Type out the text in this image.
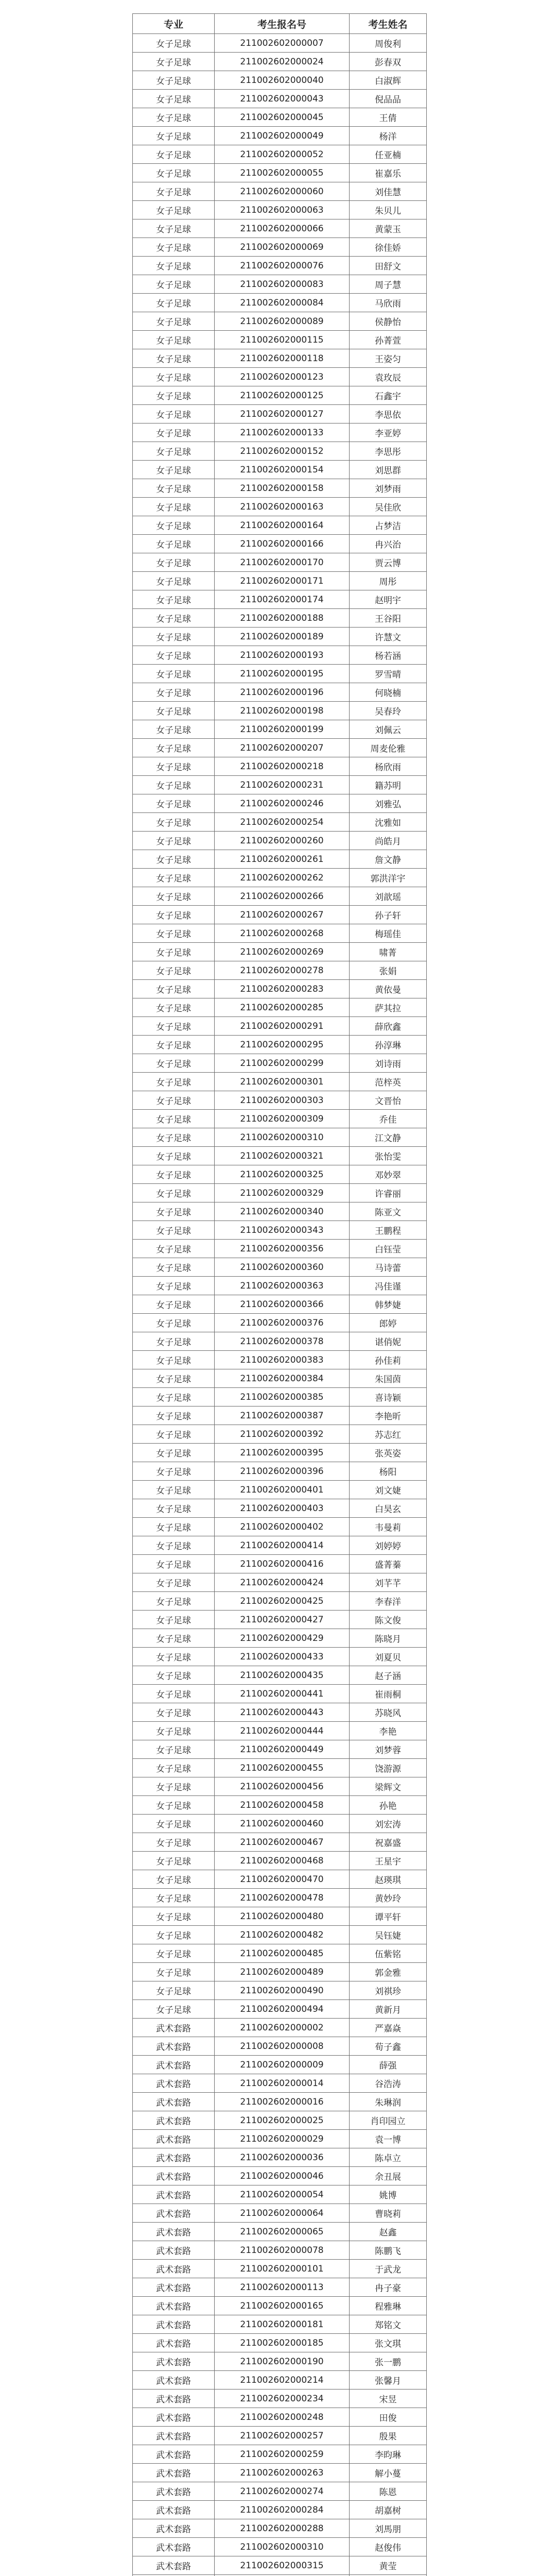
专业	考生报名号	考生姓名
女子足球	211002602000007	周俊利
女子足球	211002602000024	彭春双
女子足球	211002602000040	白淑辉
女子足球	211002602000043	倪品品
女子足球	211002602000045	王倩
女子足球	211002602000049	杨洋
女子足球	211002602000052	任亚楠
女子足球	211002602000055	崔嘉乐
女子足球	211002602000060	刘佳慧
女子足球	211002602000063	朱贝儿
女子足球	211002602000066	黄蒙玉
女子足球	211002602000069	徐佳娇
女子足球	211002602000076	田舒文
女子足球	211002602000083	周子慧
女子足球	211002602000084	马欣雨
女子足球	211002602000089	侯静怡
女子足球	211002602000115	孙菁萱
女子足球	211002602000118	王姿匀
女子足球	211002602000123	袁玫辰
女子足球	211002602000125	石鑫宇
女子足球	211002602000127	李思依
女子足球	211002602000133	李亚婷
女子足球	211002602000152	李思彤
女子足球	211002602000154	刘思群
女子足球	211002602000158	刘梦雨
女子足球	211002602000163	吴佳欣
女子足球	211002602000164	占梦洁
女子足球	211002602000166	冉兴治
女子足球	211002602000170	贾云博
女子足球	211002602000171	周彤
女子足球	211002602000174	赵明宇
女子足球	211002602000188	王谷阳
女子足球	211002602000189	许慧文
女子足球	211002602000193	杨若涵
女子足球	211002602000195	罗雪晴
女子足球	211002602000196	何晓楠
女子足球	211002602000198	吴春玲
女子足球	211002602000199	刘佩云
女子足球	211002602000207	周麦伦雅
女子足球	211002602000218	杨欣雨
女子足球	211002602000231	籍苏明
女子足球	211002602000246	刘雅弘
女子足球	211002602000254	沈雅如
女子足球	211002602000260	尚皓月
女子足球	211002602000261	詹文静
女子足球	211002602000262	郭洪洋宇
女子足球	211002602000266	刘歆瑶
女子足球	211002602000267	孙子轩
女子足球	211002602000268	梅瑶佳
女子足球	211002602000269	啸菁
女子足球	211002602000278	张娟
女子足球	211002602000283	黄依曼
女子足球	211002602000285	萨其拉
女子足球	211002602000291	薛欣鑫
女子足球	211002602000295	孙淳琳
女子足球	211002602000299	刘诗雨
女子足球	211002602000301	范梓英
女子足球	211002602000303	文晋怡
女子足球	211002602000309	乔佳
女子足球	211002602000310	江文静
女子足球	211002602000321	张怡雯
女子足球	211002602000325	邓妙翠
女子足球	211002602000329	许睿丽
女子足球	211002602000340	陈亚文
女子足球	211002602000343	王鹏程
女子足球	211002602000356	白钰莹
女子足球	211002602000360	马诗蕾
女子足球	211002602000363	冯佳谨
女子足球	211002602000366	韩梦婕
女子足球	211002602000376	郎婷
女子足球	211002602000378	谌俏妮
女子足球	211002602000383	孙佳莉
女子足球	211002602000384	朱国茵
女子足球	211002602000385	喜诗颖
女子足球	211002602000387	李艳昕
女子足球	211002602000392	苏志红
女子足球	211002602000395	张英姿
女子足球	211002602000396	杨阳
女子足球	211002602000401	刘文婕
女子足球	211002602000403	白昊玄
女子足球	211002602000402	韦曼莉
女子足球	211002602000414	刘婷婷
女子足球	211002602000416	盛菁蓁
女子足球	211002602000424	刘芊芊
女子足球	211002602000425	李春洋
女子足球	211002602000427	陈文俊
女子足球	211002602000429	陈晓月
女子足球	211002602000433	刘夏贝
女子足球	211002602000435	赵子涵
女子足球	211002602000441	崔雨桐
女子足球	211002602000443	苏晓风
女子足球	211002602000444	李艳
女子足球	211002602000449	刘梦蓉
女子足球	211002602000455	饶游源
女子足球	211002602000456	梁辉文
女子足球	211002602000458	孙艳
女子足球	211002602000460	刘宏涛
女子足球	211002602000467	祝嘉盛
女子足球	211002602000468	王星宇
女子足球	211002602000470	赵瑛琪
女子足球	211002602000478	黄妙玲
女子足球	211002602000480	谭平轩
女子足球	211002602000482	吴钰婕
女子足球	211002602000485	伍紫铭
女子足球	211002602000489	郭金雅
女子足球	211002602000490	刘祺珍
女子足球	211002602000494	黄新月
武术套路	211002602000002	严嘉焱
武术套路	211002602000008	荀子鑫
武术套路	211002602000009	薛强
武术套路	211002602000014	谷浩涛
武术套路	211002602000016	朱琳润
武术套路	211002602000025	肖印园立
武术套路	211002602000029	袁一博
武术套路	211002602000036	陈卓立
武术套路	211002602000046	余丑展
武术套路	211002602000054	姚博
武术套路	211002602000064	曹晓莉
武术套路	211002602000065	赵鑫
武术套路	211002602000078	陈鹏飞
武术套路	211002602000101	于武龙
武术套路	211002602000113	冉子豪
武术套路	211002602000165	程雅琳
武术套路	211002602000181	郑铭文
武术套路	211002602000185	张文琪
武术套路	211002602000190	张一鹏
武术套路	211002602000214	张馨月
武术套路	211002602000234	宋昱
武术套路	211002602000248	田俊
武术套路	211002602000257	殷果
武术套路	211002602000259	李昀琳
武术套路	211002602000263	解小蔓
武术套路	211002602000274	陈恩
武术套路	211002602000284	胡嘉树
武术套路	211002602000288	刘馬朋
武术套路	211002602000310	赵俊伟
武术套路	211002602000315	黄莹
